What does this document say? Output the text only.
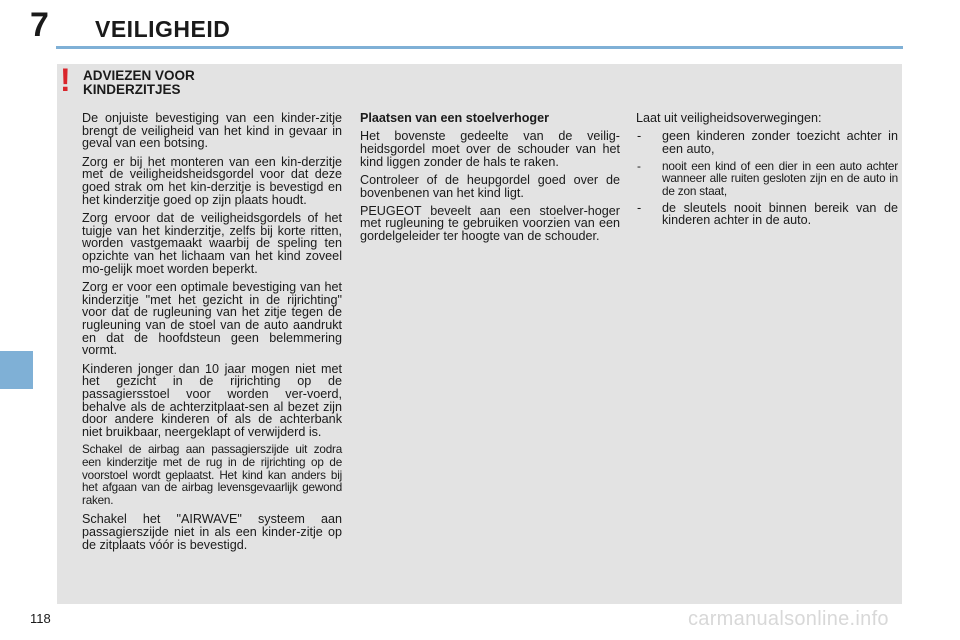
7 VEILIGHEID
! ADVIEZEN VOOR
KINDERZITJES

De onjuiste bevestiging van een kinder-zitje brengt de veiligheid van het kind in gevaar in geval van een botsing.

Zorg er bij het monteren van een kin-derzitje met de veiligheidsheidsgordel voor dat deze goed strak om het kin-derzitje is bevestigd en het kinderzitje goed op zijn plaats houdt.

Zorg ervoor dat de veiligheidsgordels of het tuigje van het kinderzitje, zelfs bij korte ritten, worden vastgemaakt waarbij de speling ten opzichte van het lichaam van het kind zoveel mo-gelijk moet worden beperkt.

Zorg er voor een optimale bevestiging van het kinderzitje "met het gezicht in de rijrichting" voor dat de rugleuning van het zitje tegen de rugleuning van de stoel van de auto aandrukt en dat de hoofdsteun geen belemmering vormt.

Kinderen jonger dan 10 jaar mogen niet met het gezicht in de rijrichting op de passagiersstoel voor worden ver-voerd, behalve als de achterzitplaat-sen al bezet zijn door andere kinderen of als de achterbank niet bruikbaar, neergeklapt of verwijderd is.

Schakel de airbag aan passagierszijde uit zodra een kinderzitje met de rug in de rijrichting op de voorstoel wordt geplaatst. Het kind kan anders bij het afgaan van de airbag levensgevaarlijk gewond raken.

Schakel het "AIRWAVE" systeem aan passagierszijde niet in als een kinder-zitje op de zitplaats vóór is bevestigd.

Plaatsen van een stoelverhoger

Het bovenste gedeelte van de veilig-heidsgordel moet over de schouder van het kind liggen zonder de hals te raken.

Controleer of de heupgordel goed over de bovenbenen van het kind ligt.

PEUGEOT beveelt aan een stoelver-hoger met rugleuning te gebruiken voorzien van een gordelgeleider ter hoogte van de schouder.

Laat uit veiligheidsoverwegingen:

- geen kinderen zonder toezicht achter in een auto,
- nooit een kind of een dier in een auto achter wanneer alle ruiten gesloten zijn en de auto in de zon staat,
- de sleutels nooit binnen bereik van de kinderen achter in de auto.
118	carmanualsonline.info
